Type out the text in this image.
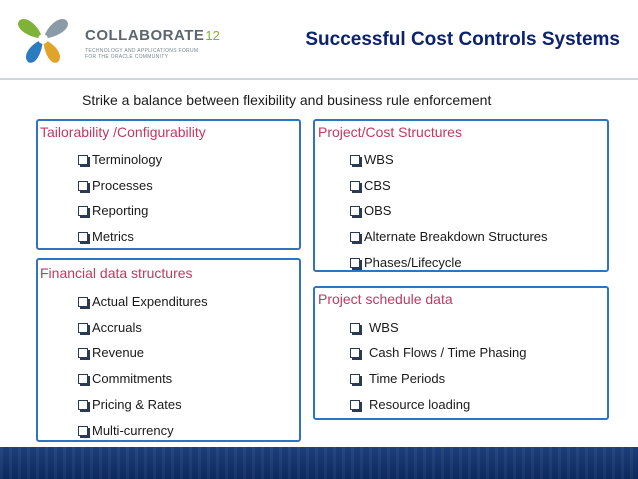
COLLABORATE12
TECHNOLOGY AND APPLICATIONS FORUM FOR THE ORACLE COMMUNITY
Successful Cost Controls Systems
Strike a balance between flexibility and business rule enforcement
Tailorability /Configurability
Terminology
Processes
Reporting
Metrics
Financial data structures
Actual Expenditures
Accruals
Revenue
Commitments
Pricing & Rates
Multi-currency
Project/Cost Structures
WBS
CBS
OBS
Alternate Breakdown Structures
Phases/Lifecycle
Project schedule data
WBS
Cash Flows / Time Phasing
Time Periods
Resource loading
